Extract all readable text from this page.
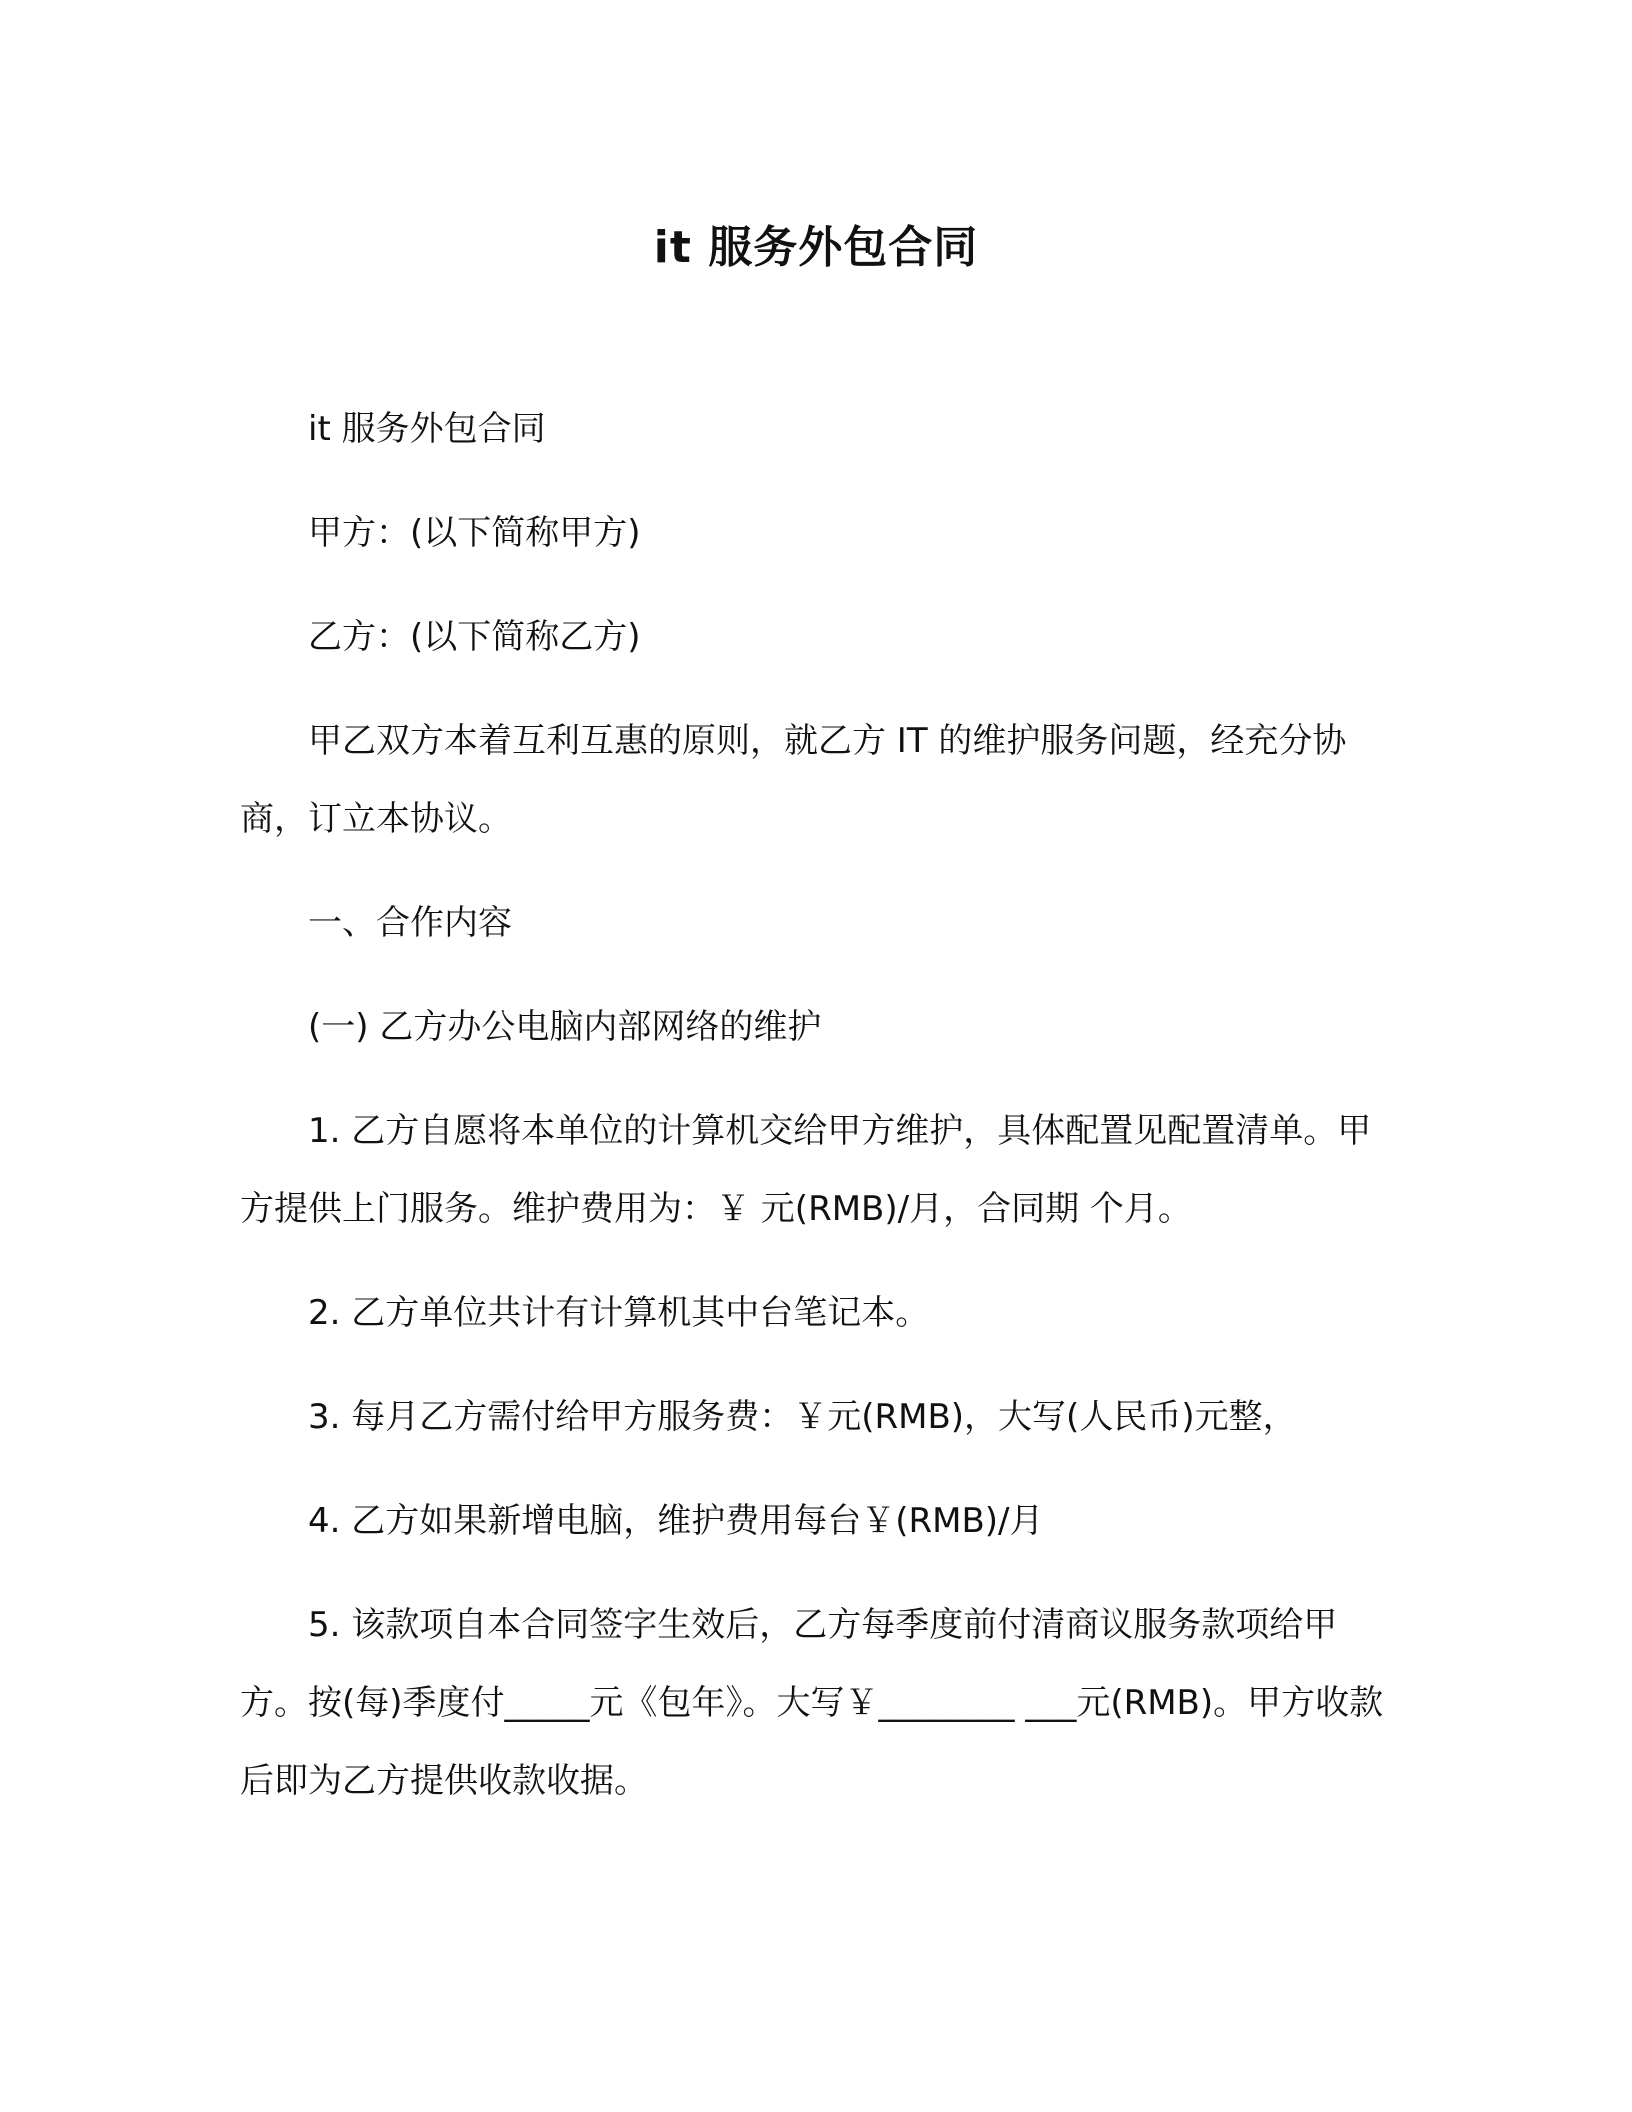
it 服务外包合同

it 服务外包合同

甲方：(以下简称甲方)

乙方：(以下简称乙方)

甲乙双方本着互利互惠的原则，就乙方 IT 的维护服务问题，经充分协商，订立本协议。

一、合作内容

(一) 乙方办公电脑内部网络的维护

1. 乙方自愿将本单位的计算机交给甲方维护，具体配置见配置清单。甲方提供上门服务。维护费用为：￥ 元(RMB)/月，合同期 个月。

2. 乙方单位共计有计算机其中台笔记本。

3. 每月乙方需付给甲方服务费：￥元(RMB)，大写(人民币)元整，

4. 乙方如果新增电脑，维护费用每台￥(RMB)/月

5. 该款项自本合同签字生效后，乙方每季度前付清商议服务款项给甲方。按(每)季度付_____元《包年》。大写￥________ ___元(RMB)。甲方收款后即为乙方提供收款收据。
